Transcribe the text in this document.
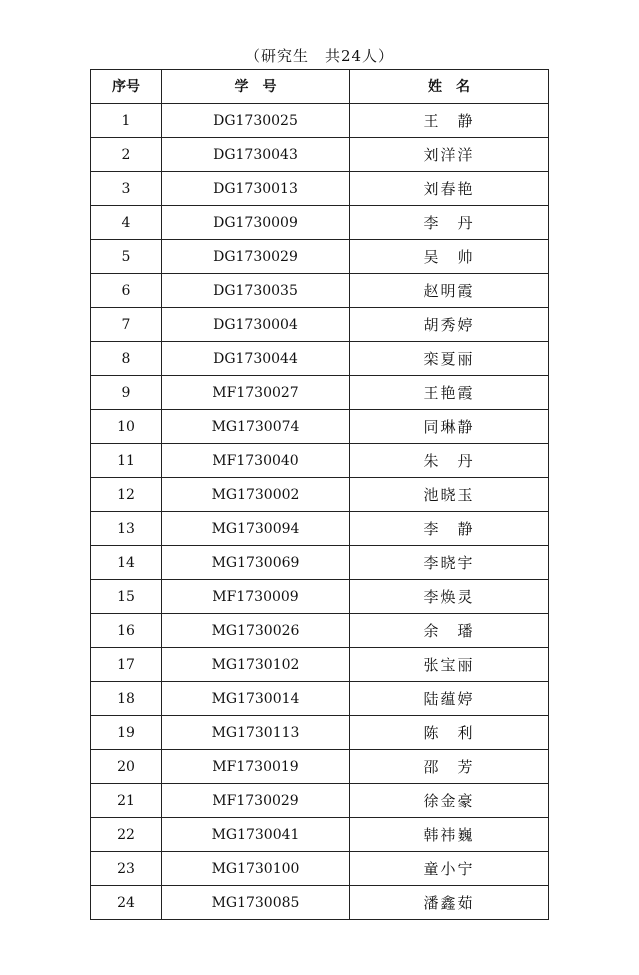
（研究生　共24人）
序号	学　号	姓　名
1	DG1730025	王　静
2	DG1730043	刘洋洋
3	DG1730013	刘春艳
4	DG1730009	李　丹
5	DG1730029	吴　帅
6	DG1730035	赵明霞
7	DG1730004	胡秀婷
8	DG1730044	栾夏丽
9	MF1730027	王艳霞
10	MG1730074	同琳静
11	MF1730040	朱　丹
12	MG1730002	池晓玉
13	MG1730094	李　静
14	MG1730069	李晓宇
15	MF1730009	李焕灵
16	MG1730026	余　璠
17	MG1730102	张宝丽
18	MG1730014	陆蕴婷
19	MG1730113	陈　利
20	MF1730019	邵　芳
21	MF1730029	徐金豪
22	MG1730041	韩祎巍
23	MG1730100	童小宁
24	MG1730085	潘鑫茹
